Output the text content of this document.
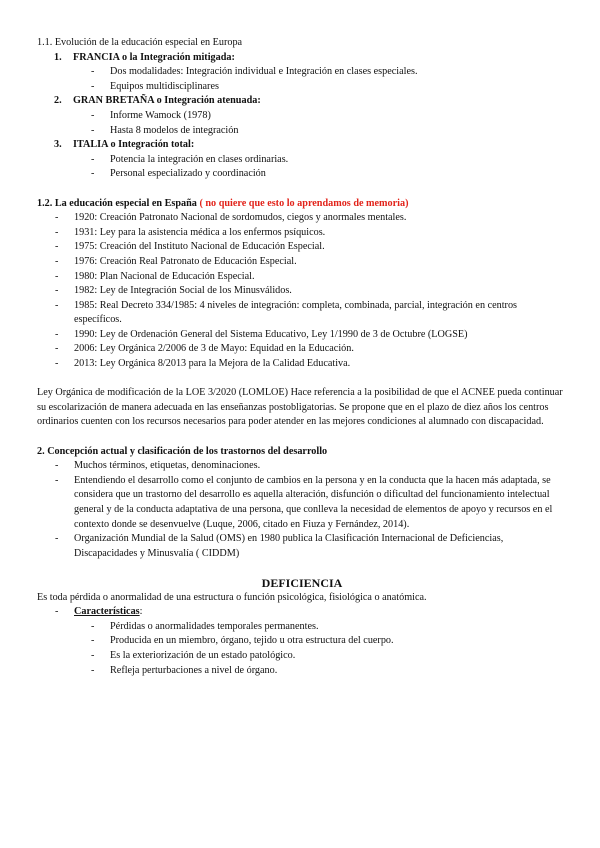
1.1. Evolución de la educación especial en Europa
1. FRANCIA o la Integración mitigada:
- Dos modalidades: Integración individual e Integración en clases especiales.
- Equipos multidisciplinares
2. GRAN BRETAÑA o Integración atenuada:
- Informe Wamock (1978)
- Hasta 8 modelos de integración
3. ITALIA o Integración total:
- Potencia la integración en clases ordinarias.
- Personal especializado y coordinación
1.2. La educación especial en España ( no quiere que esto lo aprendamos de memoria)
- 1920: Creación Patronato Nacional de sordomudos, ciegos y anormales mentales.
- 1931: Ley para la asistencia médica a los enfermos psíquicos.
- 1975: Creación del Instituto Nacional de Educación Especial.
- 1976: Creación Real Patronato de Educación Especial.
- 1980: Plan Nacional de Educación Especial.
- 1982: Ley de Integración Social de los Minusválidos.
- 1985: Real Decreto 334/1985: 4 niveles de integración: completa, combinada, parcial, integración en centros específicos.
- 1990: Ley de Ordenación General del Sistema Educativo, Ley 1/1990 de 3 de Octubre (LOGSE)
- 2006: Ley Orgánica 2/2006 de 3 de Mayo: Equidad en la Educación.
- 2013: Ley Orgánica 8/2013 para la Mejora de la Calidad Educativa.
Ley Orgánica de modificación de la LOE 3/2020 (LOMLOE) Hace referencia a la posibilidad de que el ACNEE pueda continuar su escolarización de manera adecuada en las enseñanzas postobligatorias. Se propone que en el plazo de diez años los centros ordinarios cuenten con los recursos necesarios para poder atender en las mejores condiciones al alumnado con discapacidad.
2. Concepción actual y clasificación de los trastornos del desarrollo
- Muchos términos, etiquetas, denominaciones.
- Entendiendo el desarrollo como el conjunto de cambios en la persona y en la conducta que la hacen más adaptada, se considera que un trastorno del desarrollo es aquella alteración, disfunción o dificultad del funcionamiento intelectual general y de la conducta adaptativa de una persona, que conlleva la necesidad de elementos de apoyo y recursos en el contexto donde se desenvuelve (Luque, 2006, citado en Fiuza y Fernández, 2014).
- Organización Mundial de la Salud (OMS) en 1980 publica la Clasificación Internacional de Deficiencias, Discapacidades y Minusvalía ( CIDDM)
DEFICIENCIA
Es toda pérdida o anormalidad de una estructura o función psicológica, fisiológica o anatómica.
- Características:
- Pérdidas o anormalidades temporales permanentes.
- Producida en un miembro, órgano, tejido u otra estructura del cuerpo.
- Es la exteriorización de un estado patológico.
- Refleja perturbaciones a nivel de órgano.
